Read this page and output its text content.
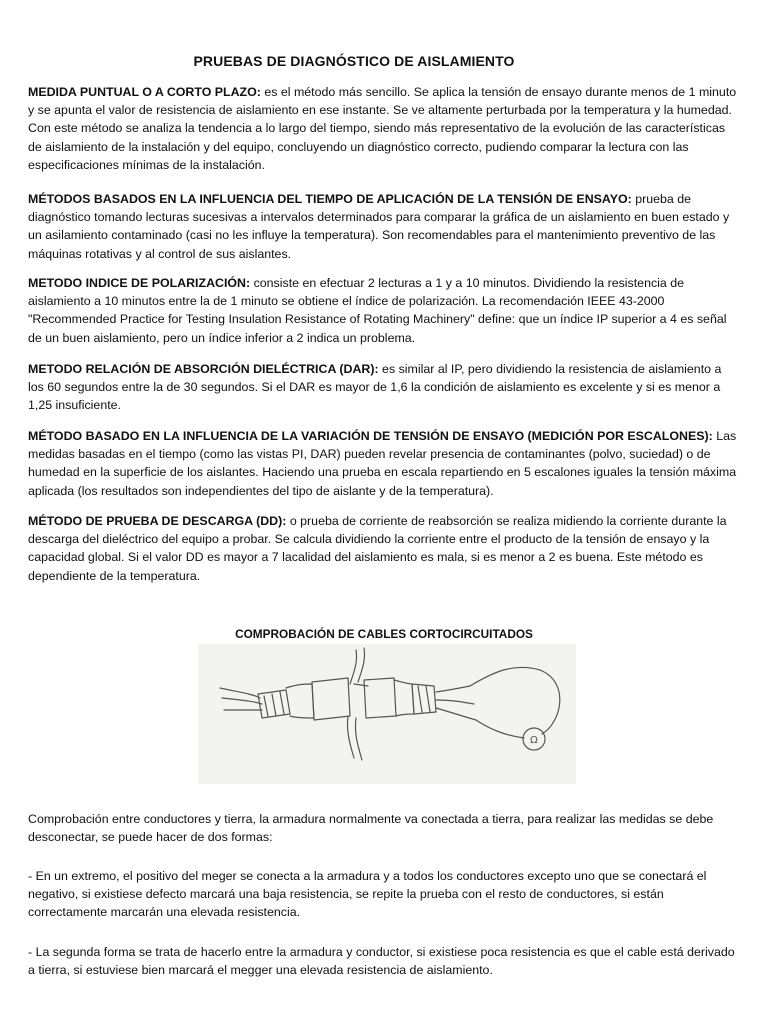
PRUEBAS DE DIAGNÓSTICO DE AISLAMIENTO

MEDIDA PUNTUAL O A CORTO PLAZO: es el método más sencillo. Se aplica la tensión de ensayo durante menos de 1 minuto y se apunta el valor de resistencia de aislamiento en ese instante. Se ve altamente perturbada por la temperatura y la humedad. Con este método se analiza la tendencia a lo largo del tiempo, siendo más representativo de la evolución de las características de aislamiento de la instalación y del equipo, concluyendo un diagnóstico correcto, pudiendo comparar la lectura con las especificaciones mínimas de la instalación.

MÉTODOS BASADOS EN LA INFLUENCIA DEL TIEMPO DE APLICACIÓN DE LA TENSIÓN DE ENSAYO: prueba de diagnóstico tomando lecturas sucesivas a intervalos determinados para comparar la gráfica de un aislamiento en buen estado y un asilamiento contaminado (casi no les influye la temperatura). Son recomendables para el mantenimiento preventivo de las máquinas rotativas y al control de sus aislantes.

METODO INDICE DE POLARIZACIÓN: consiste en efectuar 2 lecturas a 1 y a 10 minutos. Dividiendo la resistencia de aislamiento a 10 minutos entre la de 1 minuto se obtiene el índice de polarización. La recomendación IEEE 43-2000 "Recommended Practice for Testing Insulation Resistance of Rotating Machinery" define: que un índice IP superior a 4 es señal de un buen aislamiento, pero un índice inferior a 2 indica un problema.

METODO RELACIÓN DE ABSORCIÓN DIELÉCTRICA (DAR): es similar al IP, pero dividiendo la resistencia de aislamiento a los 60 segundos entre la de 30 segundos. Si el DAR es mayor de 1,6 la condición de aislamiento es excelente y si es menor a 1,25 insuficiente.

MÉTODO BASADO EN LA INFLUENCIA DE LA VARIACIÓN DE TENSIÓN DE ENSAYO (MEDICIÓN POR ESCALONES): Las medidas basadas en el tiempo (como las vistas PI, DAR) pueden revelar presencia de contaminantes (polvo, suciedad) o de humedad en la superficie de los aislantes. Haciendo una prueba en escala repartiendo en 5 escalones iguales la tensión máxima aplicada (los resultados son independientes del tipo de aislante y de la temperatura).

MÉTODO DE PRUEBA DE DESCARGA (DD): o prueba de corriente de reabsorción se realiza midiendo la corriente durante la descarga del dieléctrico del equipo a probar. Se calcula dividiendo la corriente entre el producto de la tensión de ensayo y la capacidad global. Si el valor DD es mayor a 7 lacalidad del aislamiento es mala, si es menor a 2 es buena. Este método es dependiente de la temperatura.

COMPROBACIÓN DE CABLES CORTOCIRCUITADOS
Ω

Comprobación entre conductores y tierra, la armadura normalmente va conectada a tierra, para realizar las medidas se debe desconectar, se puede hacer de dos formas:

- En un extremo, el positivo del meger se conecta a la armadura y a todos los conductores excepto uno que se conectará el negativo, si existiese defecto marcará una baja resistencia, se repite la prueba con el resto de conductores, si están correctamente marcarán una elevada resistencia.

- La segunda forma se trata de hacerlo entre la armadura y conductor, si existiese poca resistencia es que el cable está derivado a tierra, si estuviese bien marcará el megger una elevada resistencia de aislamiento.
